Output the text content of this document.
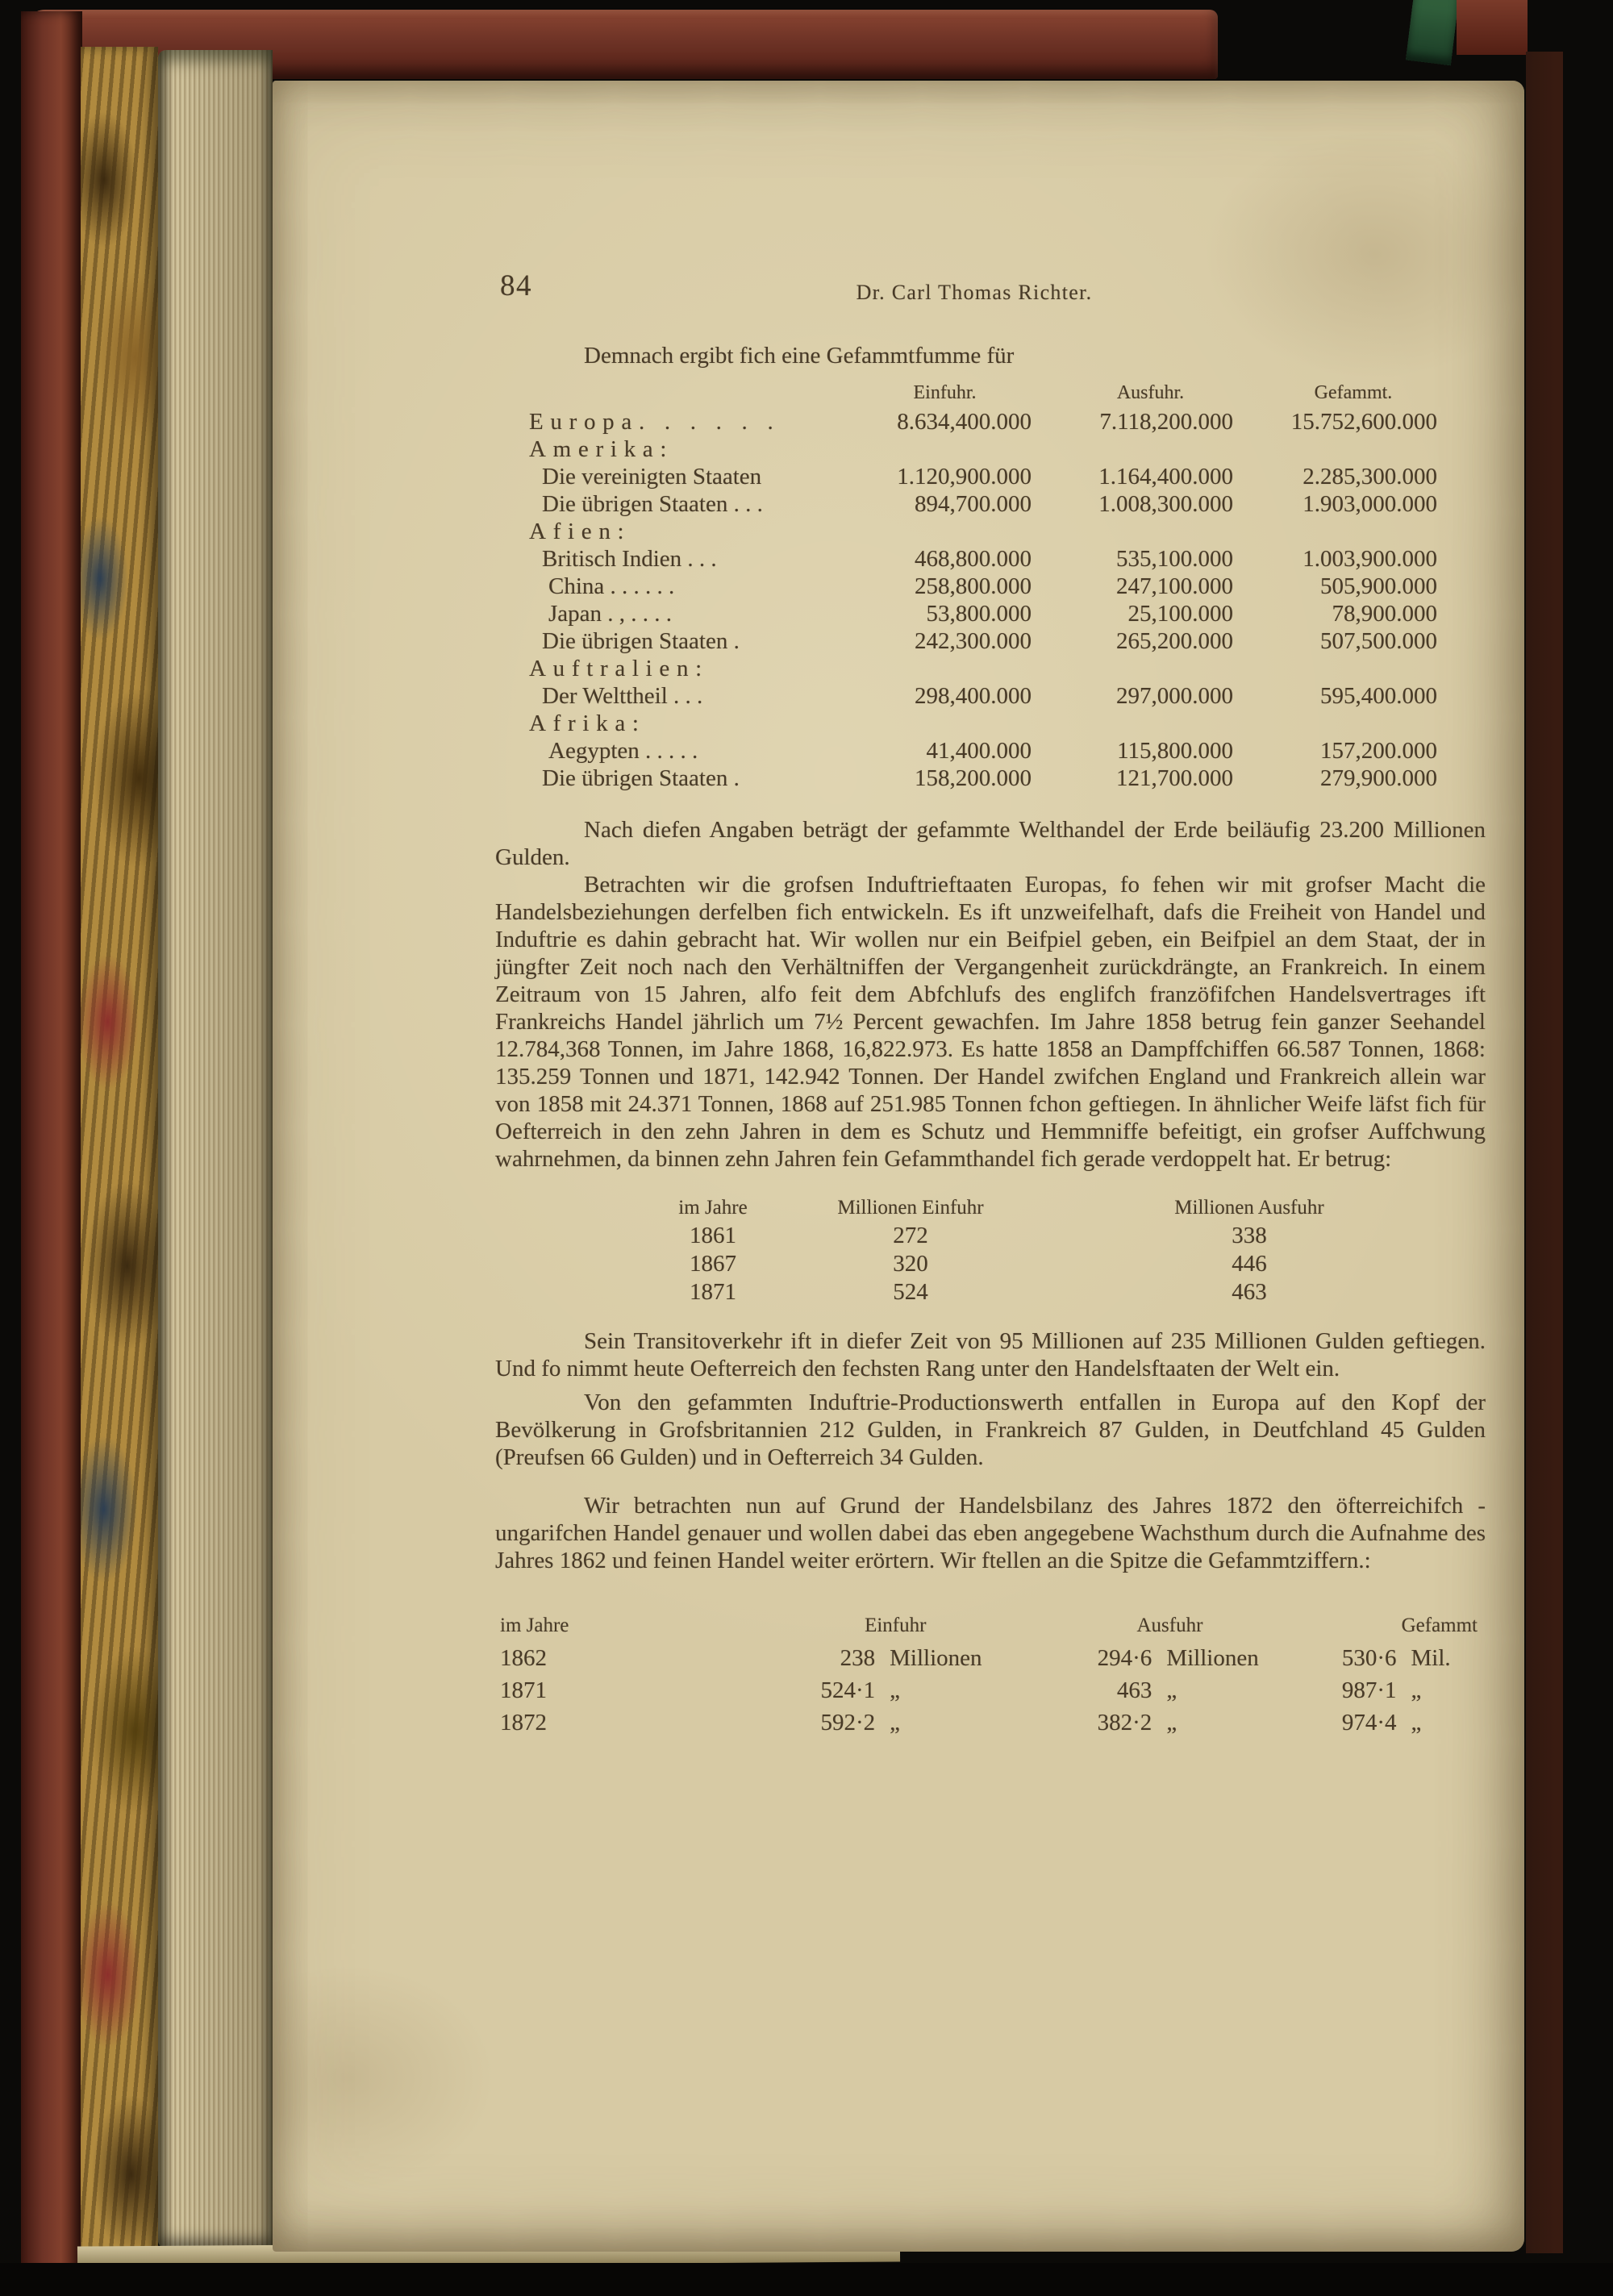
84	Dr. Carl Thomas Richter.
Demnach ergibt fich eine Gefammtfumme für
Einfuhr.	Ausfuhr.	Gefammt.
Europa. . . . . .	8.634,400.000	7.118,200.000	15.752,600.000
Amerika:
Die vereinigten Staaten	1.120,900.000	1.164,400.000	2.285,300.000
Die übrigen Staaten . . .	894,700.000	1.008,300.000	1.903,000.000
Afien:
Britisch Indien . . .	468,800.000	535,100.000	1.003,900.000
China . . . . . .	258,800.000	247,100.000	505,900.000
Japan . , . . . .	53,800.000	25,100.000	78,900.000
Die übrigen Staaten .	242,300.000	265,200.000	507,500.000
Auftralien:
Der Welttheil . . .	298,400.000	297,000.000	595,400.000
Afrika:
Aegypten . . . . .	41,400.000	115,800.000	157,200.000
Die übrigen Staaten .	158,200.000	121,700.000	279,900.000

Nach diefen Angaben beträgt der gefammte Welthandel der Erde beiläufig 23.200 Millionen Gulden.

Betrachten wir die grofsen Induftrieftaaten Europas, fo fehen wir mit grofser Macht die Handelsbeziehungen derfelben fich entwickeln. Es ift unzweifelhaft, dafs die Freiheit von Handel und Induftrie es dahin gebracht hat. Wir wollen nur ein Beifpiel geben, ein Beifpiel an dem Staat, der in jüngfter Zeit noch nach den Verhältniffen der Vergangenheit zurückdrängte, an Frankreich. In einem Zeitraum von 15 Jahren, alfo feit dem Abfchlufs des englifch franzöfifchen Handelsvertrages ift Frankreichs Handel jährlich um 7½ Percent gewachfen. Im Jahre 1858 betrug fein ganzer Seehandel 12.784,368 Tonnen, im Jahre 1868, 16,822.973. Es hatte 1858 an Dampffchiffen 66.587 Tonnen, 1868: 135.259 Tonnen und 1871, 142.942 Tonnen. Der Handel zwifchen England und Frankreich allein war von 1858 mit 24.371 Tonnen, 1868 auf 251.985 Tonnen fchon geftiegen. In ähnlicher Weife läfst fich für Oefterreich in den zehn Jahren in dem es Schutz und Hemmniffe befeitigt, ein grofser Auffchwung wahrnehmen, da binnen zehn Jahren fein Gefammthandel fich gerade verdoppelt hat. Er betrug:

im Jahre	Millionen Einfuhr	Millionen Ausfuhr
1861	272	338
1867	320	446
1871	524	463

Sein Transitoverkehr ift in diefer Zeit von 95 Millionen auf 235 Millionen Gulden geftiegen. Und fo nimmt heute Oefterreich den fechsten Rang unter den Handelsftaaten der Welt ein.

Von den gefammten Induftrie-Productionswerth entfallen in Europa auf den Kopf der Bevölkerung in Grofsbritannien 212 Gulden, in Frankreich 87 Gulden, in Deutfchland 45 Gulden (Preufsen 66 Gulden) und in Oefterreich 34 Gulden.

Wir betrachten nun auf Grund der Handelsbilanz des Jahres 1872 den öfterreichifch - ungarifchen Handel genauer und wollen dabei das eben angegebene Wachsthum durch die Aufnahme des Jahres 1862 und feinen Handel weiter erörtern. Wir ftellen an die Spitze die Gefammtziffern.:

im Jahre	Einfuhr	Ausfuhr	Gefammt
1862	238 Millionen	294·6 Millionen	530·6 Mil.
1871	524·1 „	463 „	987·1 „
1872	592·2 „	382·2 „	974·4 „
